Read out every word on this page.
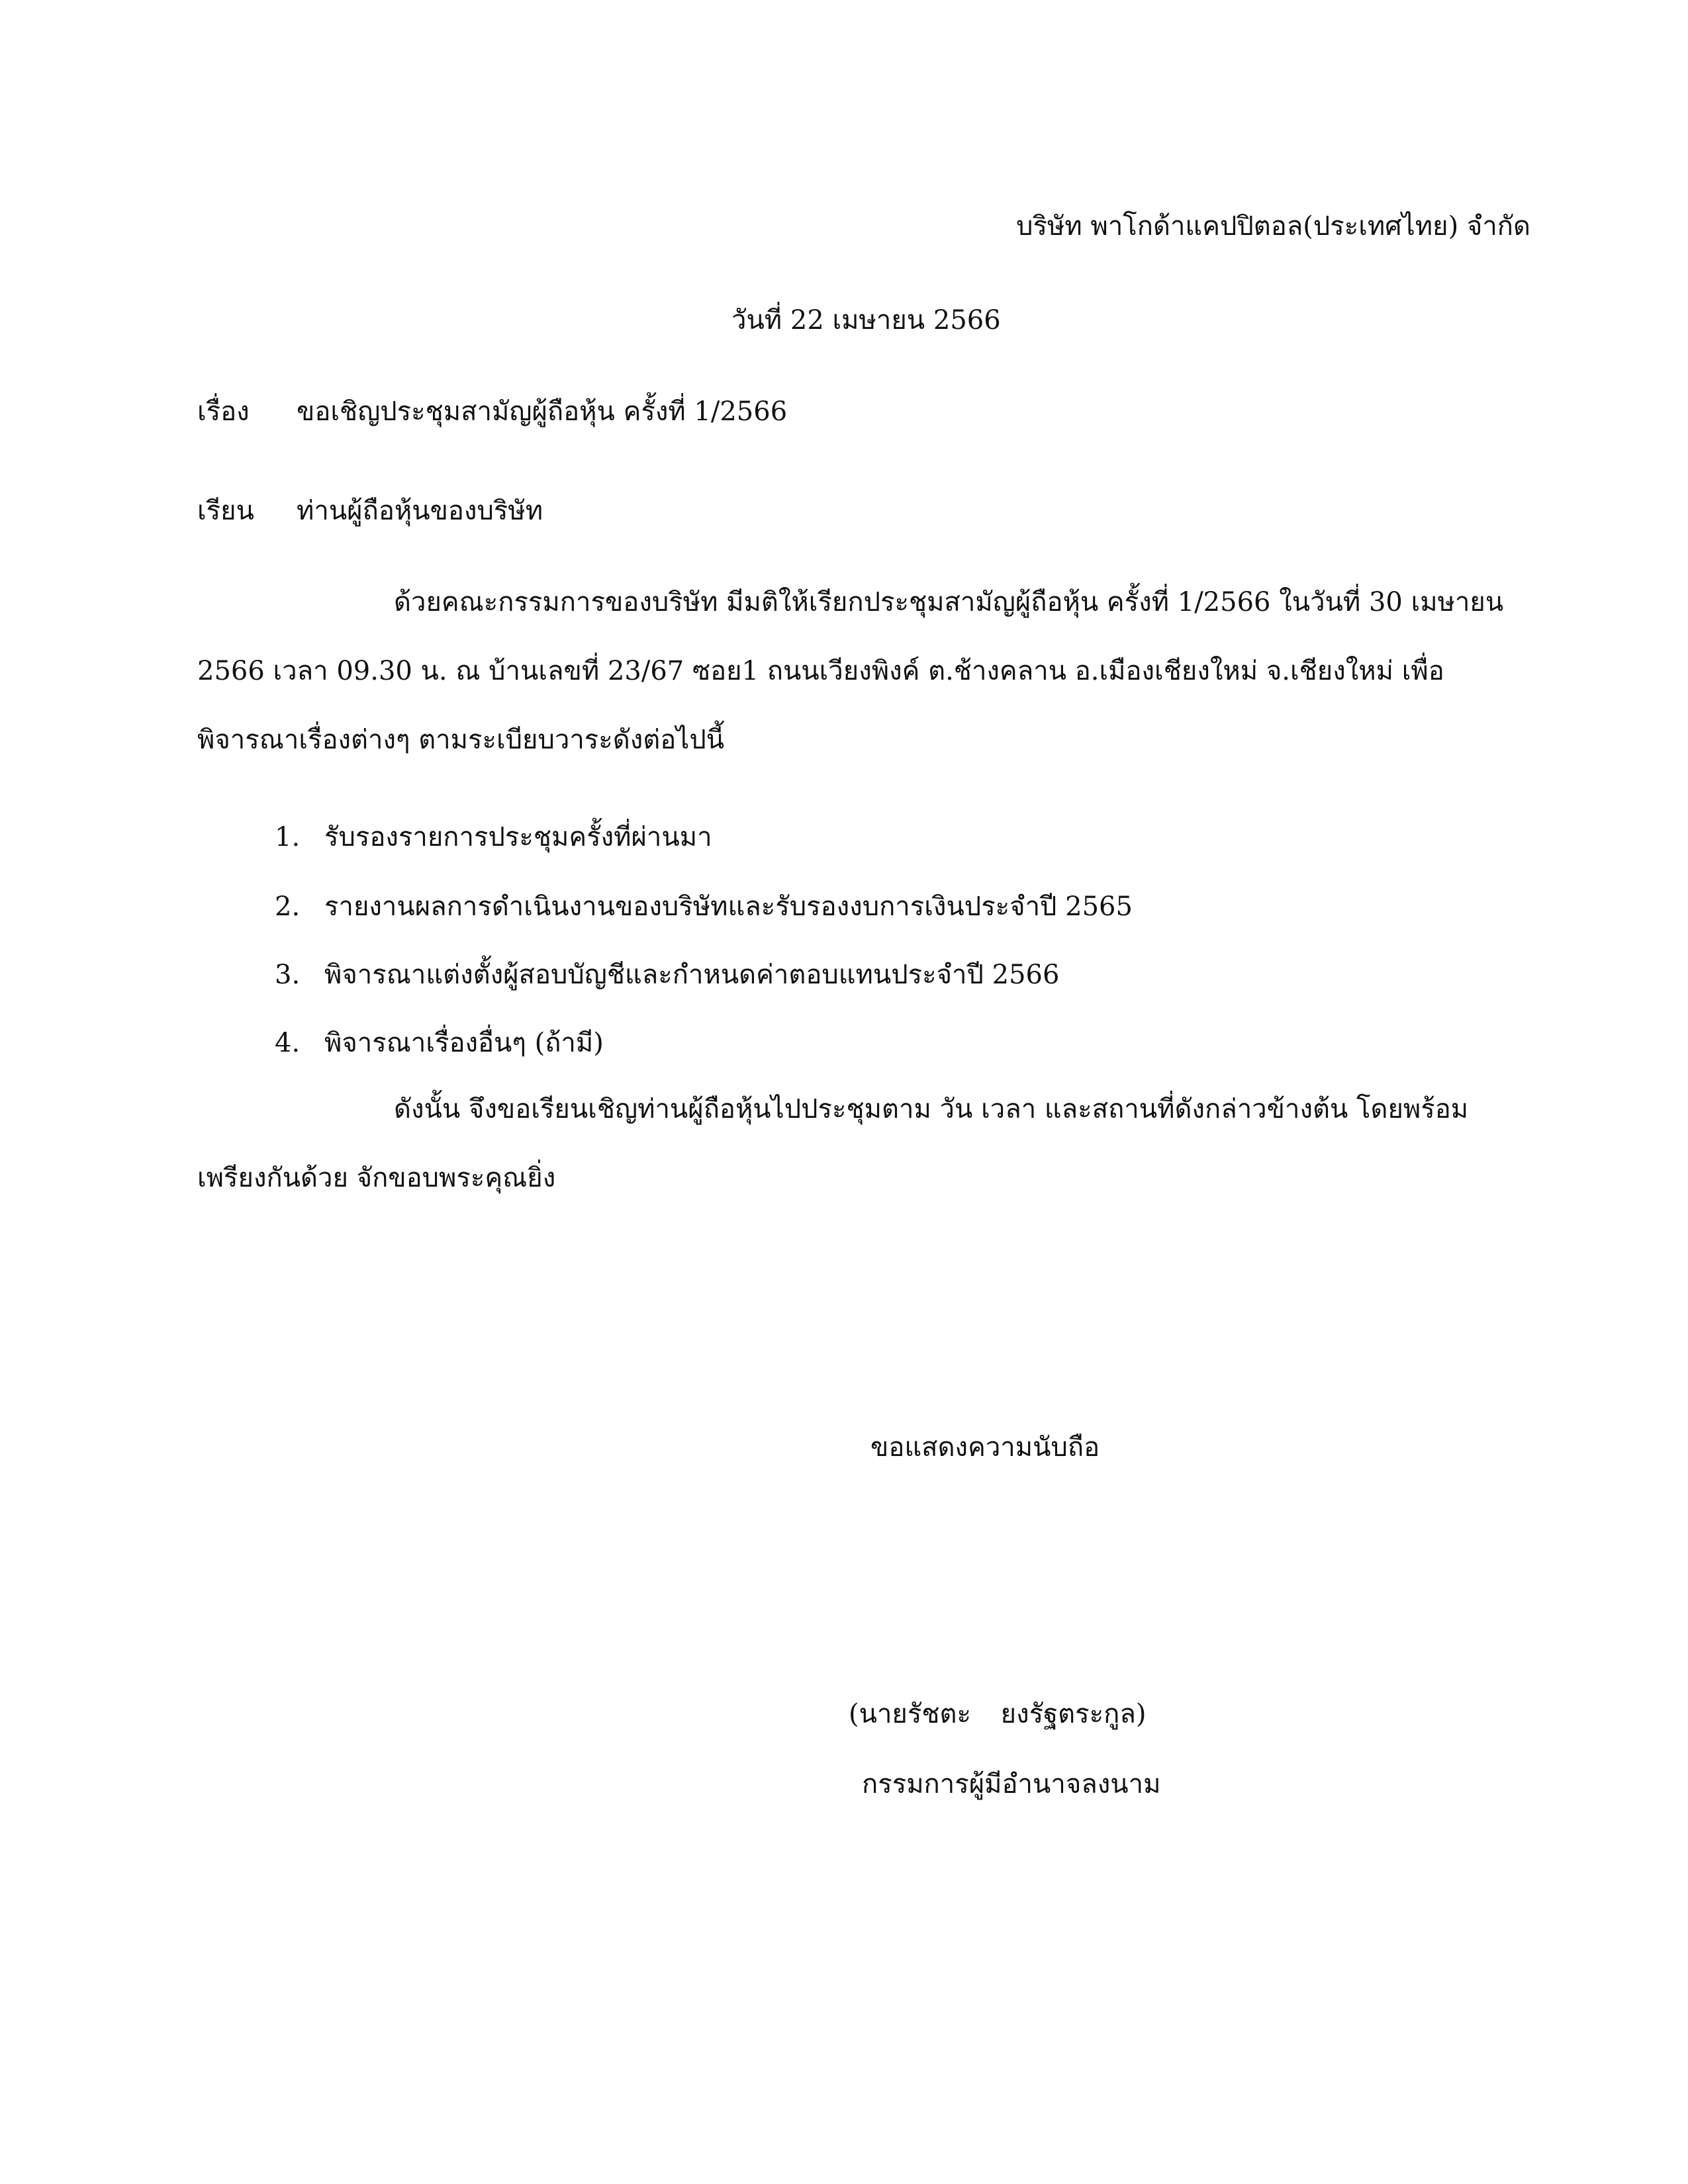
บริษัท พาโกด้าแคปปิตอล(ประเทศไทย) จำกัด
วันที่ 22 เมษายน 2566
เรื่อง ขอเชิญประชุมสามัญผู้ถือหุ้น ครั้งที่ 1/2566
เรียน ท่านผู้ถือหุ้นของบริษัท
ด้วยคณะกรรมการของบริษัท มีมติให้เรียกประชุมสามัญผู้ถือหุ้น ครั้งที่ 1/2566 ในวันที่ 30 เมษายน
2566 เวลา 09.30 น. ณ บ้านเลขที่ 23/67 ซอย1 ถนนเวียงพิงค์ ต.ช้างคลาน อ.เมืองเชียงใหม่ จ.เชียงใหม่ เพื่อ
พิจารณาเรื่องต่างๆ ตามระเบียบวาระดังต่อไปนี้
1. รับรองรายการประชุมครั้งที่ผ่านมา
2. รายงานผลการดำเนินงานของบริษัทและรับรองงบการเงินประจำปี 2565
3. พิจารณาแต่งตั้งผู้สอบบัญชีและกำหนดค่าตอบแทนประจำปี 2566
4. พิจารณาเรื่องอื่นๆ (ถ้ามี)
ดังนั้น จึงขอเรียนเชิญท่านผู้ถือหุ้นไปประชุมตาม วัน เวลา และสถานที่ดังกล่าวข้างต้น โดยพร้อม
เพรียงกันด้วย จักขอบพระคุณยิ่ง
ขอแสดงความนับถือ
(นายรัชตะ ยงรัฐตระกูล)
กรรมการผู้มีอำนาจลงนาม
